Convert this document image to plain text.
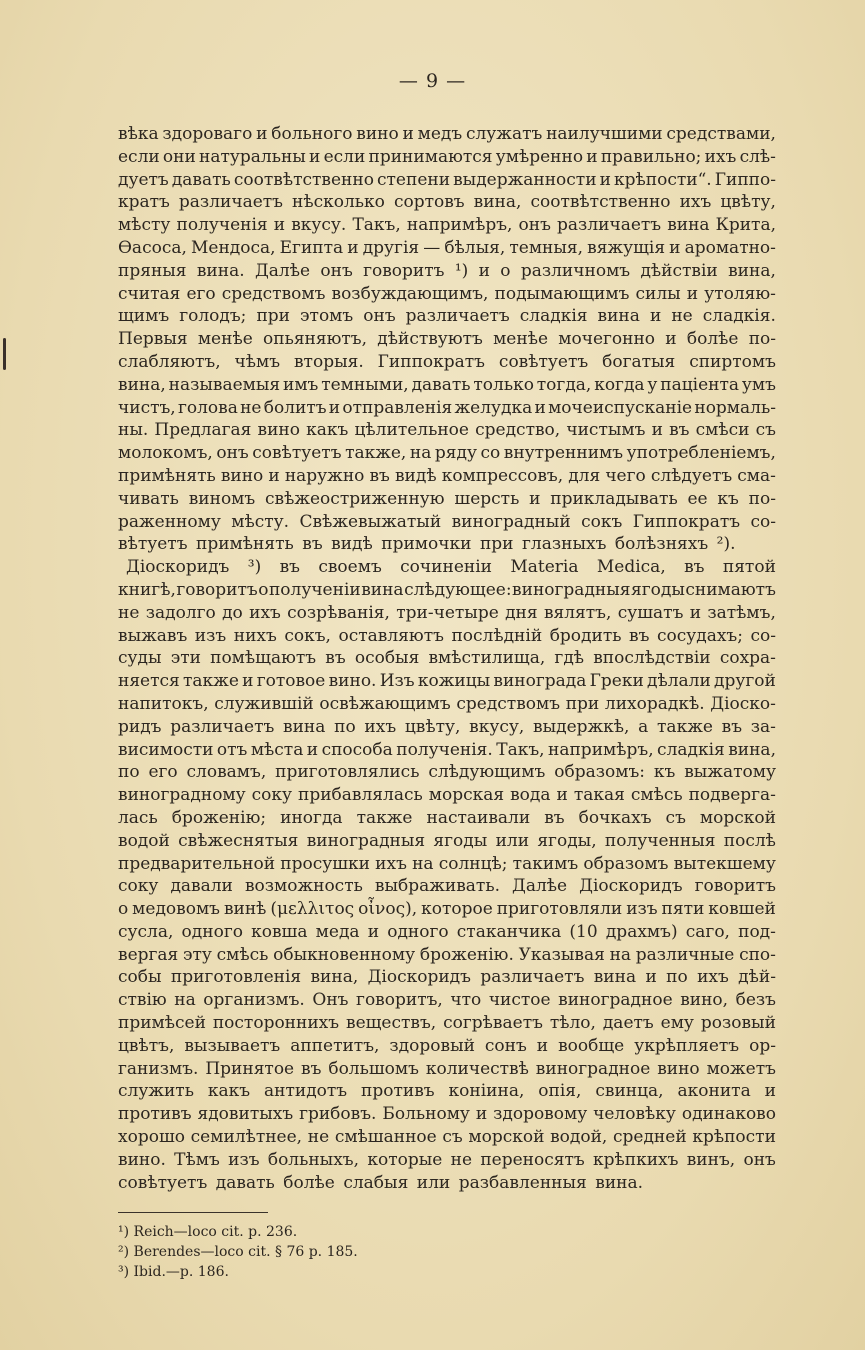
— 9 —
вѣка здороваго и больного вино и медъ служатъ наилучшими средствами,
если они натуральны и если принимаются умѣренно и правильно; ихъ слѣ-
дуетъ давать соотвѣтственно степени выдержанности и крѣпости“. Гиппо-
кратъ различаетъ нѣсколько сортовъ вина, соотвѣтственно ихъ цвѣту,
мѣсту полученія и вкусу. Такъ, напримѣръ, онъ различаетъ вина Крита,
Ѳасоса, Мендоса, Египта и другія — бѣлыя, темныя, вяжущія и ароматно-
пряныя вина. Далѣе онъ говоритъ ¹) и о различномъ дѣйствіи вина,
считая его средствомъ возбуждающимъ, подымающимъ силы и утоляю-
щимъ голодъ; при этомъ онъ различаетъ сладкія вина и не сладкія.
Первыя менѣе опьяняютъ, дѣйствуютъ менѣе мочегонно и болѣе по-
слабляютъ, чѣмъ вторыя. Гиппократъ совѣтуетъ богатыя спиртомъ
вина, называемыя имъ темными, давать только тогда, когда у паціента умъ
чистъ, голова не болитъ и отправленія желудка и мочеиспусканіе нормаль-
ны. Предлагая вино какъ цѣлительное средство, чистымъ и въ смѣси съ
молокомъ, онъ совѣтуетъ также, на ряду со внутреннимъ употребленіемъ,
примѣнять вино и наружно въ видѣ компрессовъ, для чего слѣдуетъ сма-
чивать виномъ свѣжеостриженную шерсть и прикладывать ее къ по-
раженному мѣсту. Свѣжевыжатый виноградный сокъ Гиппократъ со-
вѣтуетъ примѣнять въ видѣ примочки при глазныхъ болѣзняхъ ²).
Діоскоридъ ³) въ своемъ сочиненіи Materia Medica, въ пятой
книгѣ, говоритъ о полученіи вина слѣдующее: виноградныя ягоды снимаютъ
не задолго до ихъ созрѣванія, три-четыре дня вялятъ, сушатъ и затѣмъ,
выжавъ изъ нихъ сокъ, оставляютъ послѣдній бродить въ сосудахъ; со-
суды эти помѣщаютъ въ особыя вмѣстилища, гдѣ впослѣдствіи сохра-
няется также и готовое вино. Изъ кожицы винограда Греки дѣлали другой
напитокъ, служившій освѣжающимъ средствомъ при лихорадкѣ. Діоско-
ридъ различаетъ вина по ихъ цвѣту, вкусу, выдержкѣ, а также въ за-
висимости отъ мѣста и способа полученія. Такъ, напримѣръ, сладкія вина,
по его словамъ, приготовлялись слѣдующимъ образомъ: къ выжатому
виноградному соку прибавлялась морская вода и такая смѣсь подверга-
лась броженію; иногда также настаивали въ бочкахъ съ морской
водой свѣжеснятыя виноградныя ягоды или ягоды, полученныя послѣ
предварительной просушки ихъ на солнцѣ; такимъ образомъ вытекшему
соку давали возможность выбраживать. Далѣе Діоскоридъ говоритъ
о медовомъ винѣ (μελλιτος οἶνος), которое приготовляли изъ пяти ковшей
сусла, одного ковша меда и одного стаканчика (10 драхмъ) саго, под-
вергая эту смѣсь обыкновенному броженію. Указывая на различные спо-
собы приготовленія вина, Діоскоридъ различаетъ вина и по ихъ дѣй-
ствію на организмъ. Онъ говоритъ, что чистое виноградное вино, безъ
примѣсей постороннихъ веществъ, согрѣваетъ тѣло, даетъ ему розовый
цвѣтъ, вызываетъ аппетитъ, здоровый сонъ и вообще укрѣпляетъ ор-
ганизмъ. Принятое въ большомъ количествѣ виноградное вино можетъ
служить какъ антидотъ противъ коніина, опія, свинца, аконита и
противъ ядовитыхъ грибовъ. Больному и здоровому человѣку одинаково
хорошо семилѣтнее, не смѣшанное съ морской водой, средней крѣпости
вино. Тѣмъ изъ больныхъ, которые не переносятъ крѣпкихъ винъ, онъ
совѣтуетъ давать болѣе слабыя или разбавленныя вина.
¹) Reich—loco cit. p. 236.
²) Berendes—loco cit. § 76 p. 185.
³) Ibid.—p. 186.
